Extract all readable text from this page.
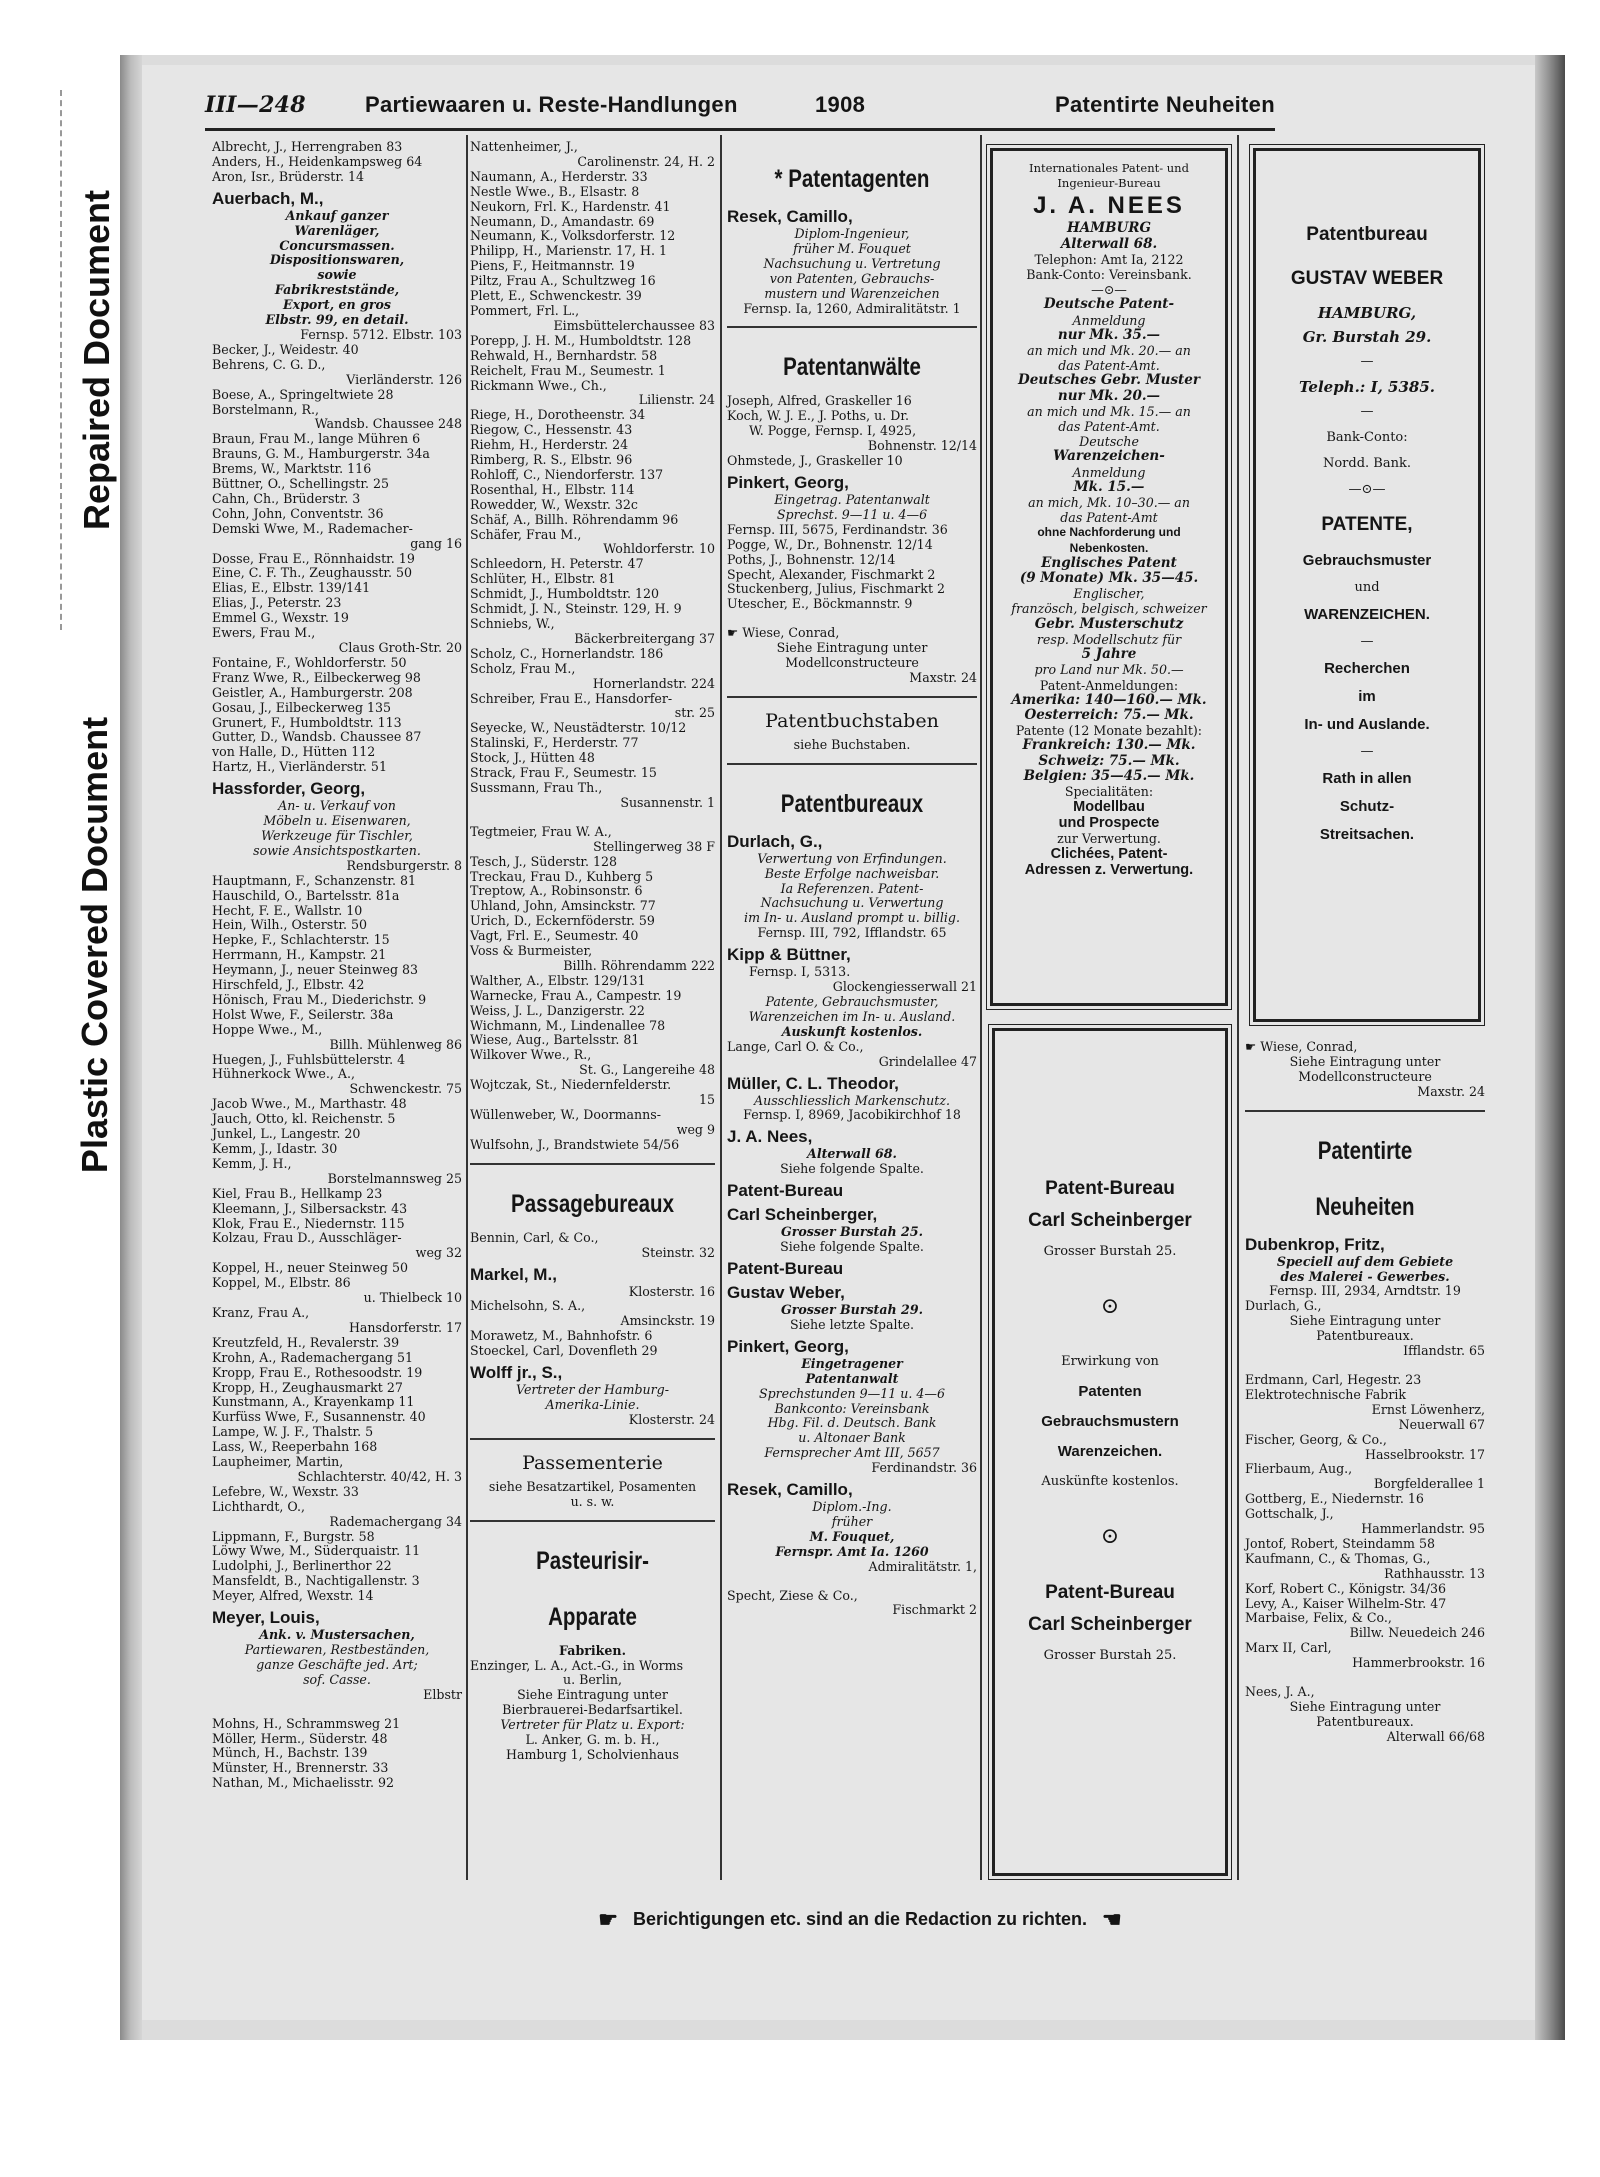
Repaired Document
Plastic Covered Document
III—248	Partiewaaren u. Reste-Handlungen	1908	Patentirte Neuheiten

Albrecht, J., Herrengraben 83

Anders, H., Heidenkampsweg 64

Aron, Isr., Brüderstr. 14

Auerbach, M.,

Ankauf ganzer

Warenläger,

Concursmassen.

Dispositionswaren,

sowie

Fabrikreststände,

Export, en gros

Elbstr. 99, en detail.

Fernsp. 5712. Elbstr. 103

Becker, J., Weidestr. 40

Behrens, C. G. D.,

Vierländerstr. 126

Boese, A., Springeltwiete 28

Borstelmann, R.,

Wandsb. Chaussee 248

Braun, Frau M., lange Mühren 6

Brauns, G. M., Hamburgerstr. 34a

Brems, W., Marktstr. 116

Büttner, O., Schellingstr. 25

Cahn, Ch., Brüderstr. 3

Cohn, John, Conventstr. 36

Demski Wwe, M., Rademacher-

gang 16

Dosse, Frau E., Rönnhaidstr. 19

Eine, C. F. Th., Zeughausstr. 50

Elias, E., Elbstr. 139/141

Elias, J., Peterstr. 23

Emmel G., Wexstr. 19

Ewers, Frau M.,

Claus Groth-Str. 20

Fontaine, F., Wohldorferstr. 50

Franz Wwe, R., Eilbeckerweg 98

Geistler, A., Hamburgerstr. 208

Gosau, J., Eilbeckerweg 135

Grunert, F., Humboldtstr. 113

Gutter, D., Wandsb. Chaussee 87

von Halle, D., Hütten 112

Hartz, H., Vierländerstr. 51

Hassforder, Georg,

An- u. Verkauf von

Möbeln u. Eisenwaren,

Werkzeuge für Tischler,

sowie Ansichtspostkarten.

Rendsburgerstr. 8

Hauptmann, F., Schanzenstr. 81

Hauschild, O., Bartelsstr. 81a

Hecht, F. E., Wallstr. 10

Hein, Wilh., Osterstr. 50

Hepke, F., Schlachterstr. 15

Herrmann, H., Kampstr. 21

Heymann, J., neuer Steinweg 83

Hirschfeld, J., Elbstr. 42

Hönisch, Frau M., Diederichstr. 9

Holst Wwe, F., Seilerstr. 38a

Hoppe Wwe., M.,

Billh. Mühlenweg 86

Huegen, J., Fuhlsbüttelerstr. 4

Hühnerkock Wwe., A.,

Schwenckestr. 75

Jacob Wwe., M., Marthastr. 48

Jauch, Otto, kl. Reichenstr. 5

Junkel, L., Langestr. 20

Kemm, J., Idastr. 30

Kemm, J. H.,

Borstelmannsweg 25

Kiel, Frau B., Hellkamp 23

Kleemann, J., Silbersackstr. 43

Klok, Frau E., Niedernstr. 115

Kolzau, Frau D., Ausschläger-

weg 32

Koppel, H., neuer Steinweg 50

Koppel, M., Elbstr. 86

u. Thielbeck 10

Kranz, Frau A.,

Hansdorferstr. 17

Kreutzfeld, H., Revalerstr. 39

Krohn, A., Rademachergang 51

Kropp, Frau E., Rothesoodstr. 19

Kropp, H., Zeughausmarkt 27

Kunstmann, A., Krayenkamp 11

Kurfüss Wwe, F., Susannenstr. 40

Lampe, W. J. F., Thalstr. 5

Lass, W., Reeperbahn 168

Laupheimer, Martin,

Schlachterstr. 40/42, H. 3

Lefebre, W., Wexstr. 33

Lichthardt, O.,

Rademachergang 34

Lippmann, F., Burgstr. 58

Löwy Wwe, M., Süderquaistr. 11

Ludolphi, J., Berlinerthor 22

Mansfeldt, B., Nachtigallenstr. 3

Meyer, Alfred, Wexstr. 14

Meyer, Louis,

Ank. v. Mustersachen,

Partiewaren, Restbeständen,

ganze Geschäfte jed. Art;

sof. Casse.

Elbstr

Mohns, H., Schrammsweg 21

Möller, Herm., Süderstr. 48

Münch, H., Bachstr. 139

Münster, H., Brennerstr. 33

Nathan, M., Michaelisstr. 92

Nattenheimer, J.,

Carolinenstr. 24, H. 2

Naumann, A., Herderstr. 33

Nestle Wwe., B., Elsastr. 8

Neukorn, Frl. K., Hardenstr. 41

Neumann, D., Amandastr. 69

Neumann, K., Volksdorferstr. 12

Philipp, H., Marienstr. 17, H. 1

Piens, F., Heitmannstr. 19

Piltz, Frau A., Schultzweg 16

Plett, E., Schwenckestr. 39

Pommert, Frl. L.,

Eimsbüttelerchaussee 83

Porepp, J. H. M., Humboldtstr. 128

Rehwald, H., Bernhardstr. 58

Reichelt, Frau M., Seumestr. 1

Rickmann Wwe., Ch.,

Lilienstr. 24

Riege, H., Dorotheenstr. 34

Riegow, C., Hessenstr. 43

Riehm, H., Herderstr. 24

Rimberg, R. S., Elbstr. 96

Rohloff, C., Niendorferstr. 137

Rosenthal, H., Elbstr. 114

Rowedder, W., Wexstr. 32c

Schäf, A., Billh. Röhrendamm 96

Schäfer, Frau M.,

Wohldorferstr. 10

Schleedorn, H. Peterstr. 47

Schlüter, H., Elbstr. 81

Schmidt, J., Humboldtstr. 120

Schmidt, J. N., Steinstr. 129, H. 9

Schniebs, W.,

Bäckerbreitergang 37

Scholz, C., Hornerlandstr. 186

Scholz, Frau M.,

Hornerlandstr. 224

Schreiber, Frau E., Hansdorfer-

str. 25

Seyecke, W., Neustädterstr. 10/12

Stalinski, F., Herderstr. 77

Stock, J., Hütten 48

Strack, Frau F., Seumestr. 15

Sussmann, Frau Th.,

Susannenstr. 1

Tegtmeier, Frau W. A.,

Stellingerweg 38 F

Tesch, J., Süderstr. 128

Treckau, Frau D., Kuhberg 5

Treptow, A., Robinsonstr. 6

Uhland, John, Amsinckstr. 77

Urich, D., Eckernföderstr. 59

Vagt, Frl. E., Seumestr. 40

Voss & Burmeister,

Billh. Röhrendamm 222

Walther, A., Elbstr. 129/131

Warnecke, Frau A., Campestr. 19

Weiss, J. L., Danzigerstr. 22

Wichmann, M., Lindenallee 78

Wiese, Aug., Bartelsstr. 81

Wilkover Wwe., R.,

St. G., Langereihe 48

Wojtczak, St., Niedernfelderstr.

15

Wüllenweber, W., Doormanns-

weg 9

Wulfsohn, J., Brandstwiete 54/56

Passagebureaux

Bennin, Carl, & Co.,

Steinstr. 32

Markel, M.,

Klosterstr. 16

Michelsohn, S. A.,

Amsinckstr. 19

Morawetz, M., Bahnhofstr. 6

Stoeckel, Carl, Dovenfleth 29

Wolff jr., S.,

Vertreter der Hamburg-

Amerika-Linie.

Klosterstr. 24

Passementerie

siehe Besatzartikel, Posamenten

u. s. w.

Pasteurisir-

Apparate

Fabriken.

Enzinger, L. A., Act.-G., in Worms

u. Berlin,

Siehe Eintragung unter

Bierbrauerei-Bedarfsartikel.

Vertreter für Platz u. Export:

L. Anker, G. m. b. H.,

Hamburg 1, Scholvienhaus

* Patentagenten

Resek, Camillo,

Diplom-Ingenieur,

früher M. Fouquet

Nachsuchung u. Vertretung

von Patenten, Gebrauchs-

mustern und Warenzeichen

Fernsp. Ia, 1260, Admiralitätstr. 1

Patentanwälte

Joseph, Alfred, Graskeller 16

Koch, W. J. E., J. Poths, u. Dr.

W. Pogge, Fernsp. I, 4925,

Bohnenstr. 12/14

Ohmstede, J., Graskeller 10

Pinkert, Georg,

Eingetrag. Patentanwalt

Sprechst. 9—11 u. 4—6

Fernsp. III, 5675, Ferdinandstr. 36

Pogge, W., Dr., Bohnenstr. 12/14

Poths, J., Bohnenstr. 12/14

Specht, Alexander, Fischmarkt 2

Stuckenberg, Julius, Fischmarkt 2

Utescher, E., Böckmannstr. 9

☛ Wiese, Conrad,

Siehe Eintragung unter

Modellconstructeure

Maxstr. 24

Patentbuchstaben

siehe Buchstaben.

Patentbureaux

Durlach, G.,

Verwertung von Erfindungen.

Beste Erfolge nachweisbar.

Ia Referenzen. Patent-

Nachsuchung u. Verwertung

im In- u. Ausland prompt u. billig.

Fernsp. III, 792, Ifflandstr. 65

Kipp & Büttner,

Fernsp. I, 5313.

Glockengiesserwall 21

Patente, Gebrauchsmuster,

Warenzeichen im In- u. Ausland.

Auskunft kostenlos.

Lange, Carl O. & Co.,

Grindelallee 47

Müller, C. L. Theodor,

Ausschliesslich Markenschutz.

Fernsp. I, 8969, Jacobikirchhof 18

J. A. Nees,

Alterwall 68.

Siehe folgende Spalte.

Patent-Bureau

Carl Scheinberger,

Grosser Burstah 25.

Siehe folgende Spalte.

Patent-Bureau

Gustav Weber,

Grosser Burstah 29.

Siehe letzte Spalte.

Pinkert, Georg,

Eingetragener

Patentanwalt

Sprechstunden 9—11 u. 4—6

Bankconto: Vereinsbank

Hbg. Fil. d. Deutsch. Bank

u. Altonaer Bank

Fernsprecher Amt III, 5657

Ferdinandstr. 36

Resek, Camillo,

Diplom.-Ing.

früher

M. Fouquet,

Fernspr. Amt Ia. 1260

Admiralitätstr. 1,

Specht, Ziese & Co.,

Fischmarkt 2

Internationales Patent- und

Ingenieur-Bureau

J. A. NEES

HAMBURG

Alterwall 68.

Telephon: Amt Ia, 2122

Bank-Conto: Vereinsbank.

—⊙—

Deutsche Patent-

Anmeldung

nur Mk. 35.—

an mich und Mk. 20.— an

das Patent-Amt.

Deutsches Gebr. Muster

nur Mk. 20.—

an mich und Mk. 15.— an

das Patent-Amt.

Deutsche

Warenzeichen-

Anmeldung

Mk. 15.—

an mich, Mk. 10–30.— an

das Patent-Amt

ohne Nachforderung und

Nebenkosten.

Englisches Patent

(9 Monate) Mk. 35—45.

Englischer,

französch, belgisch, schweizer

Gebr. Musterschutz

resp. Modellschutz für

5 Jahre

pro Land nur Mk. 50.—

Patent-Anmeldungen:

Amerika: 140—160.— Mk.

Oesterreich: 75.— Mk.

Patente (12 Monate bezahlt):

Frankreich: 130.— Mk.

Schweiz: 75.— Mk.

Belgien: 35—45.— Mk.

Specialitäten:

Modellbau

und Prospecte

zur Verwertung.

Clichées, Patent-

Adressen z. Verwertung.

Patentbureau

GUSTAV WEBER

HAMBURG,

Gr. Burstah 29.

—

Teleph.: I, 5385.

—

Bank-Conto:

Nordd. Bank.

—⊙—

PATENTE,

Gebrauchsmuster

und

WARENZEICHEN.

—

Recherchen

im

In- und Auslande.

—

Rath in allen

Schutz-

Streitsachen.

Patent-Bureau

Carl Scheinberger

Grosser Burstah 25.

⊙

Erwirkung von

Patenten

Gebrauchsmustern

Warenzeichen.

Auskünfte kostenlos.

⊙

Patent-Bureau

Carl Scheinberger

Grosser Burstah 25.

☛ Wiese, Conrad,

Siehe Eintragung unter

Modellconstructeure

Maxstr. 24

Patentirte

Neuheiten

Dubenkrop, Fritz,

Speciell auf dem Gebiete

des Malerei - Gewerbes.

Fernsp. III, 2934, Arndtstr. 19

Durlach, G.,

Siehe Eintragung unter

Patentbureaux.

Ifflandstr. 65

Erdmann, Carl, Hegestr. 23

Elektrotechnische Fabrik

Ernst Löwenherz,

Neuerwall 67

Fischer, Georg, & Co.,

Hasselbrookstr. 17

Flierbaum, Aug.,

Borgfelderallee 1

Gottberg, E., Niedernstr. 16

Gottschalk, J.,

Hammerlandstr. 95

Jontof, Robert, Steindamm 58

Kaufmann, C., & Thomas, G.,

Rathhausstr. 13

Korf, Robert C., Königstr. 34/36

Levy, A., Kaiser Wilhelm-Str. 47

Marbaise, Felix, & Co.,

Billw. Neuedeich 246

Marx II, Carl,

Hammerbrookstr. 16

Nees, J. A.,

Siehe Eintragung unter

Patentbureaux.

Alterwall 66/68

☛ Berichtigungen etc. sind an die Redaction zu richten. ☚
